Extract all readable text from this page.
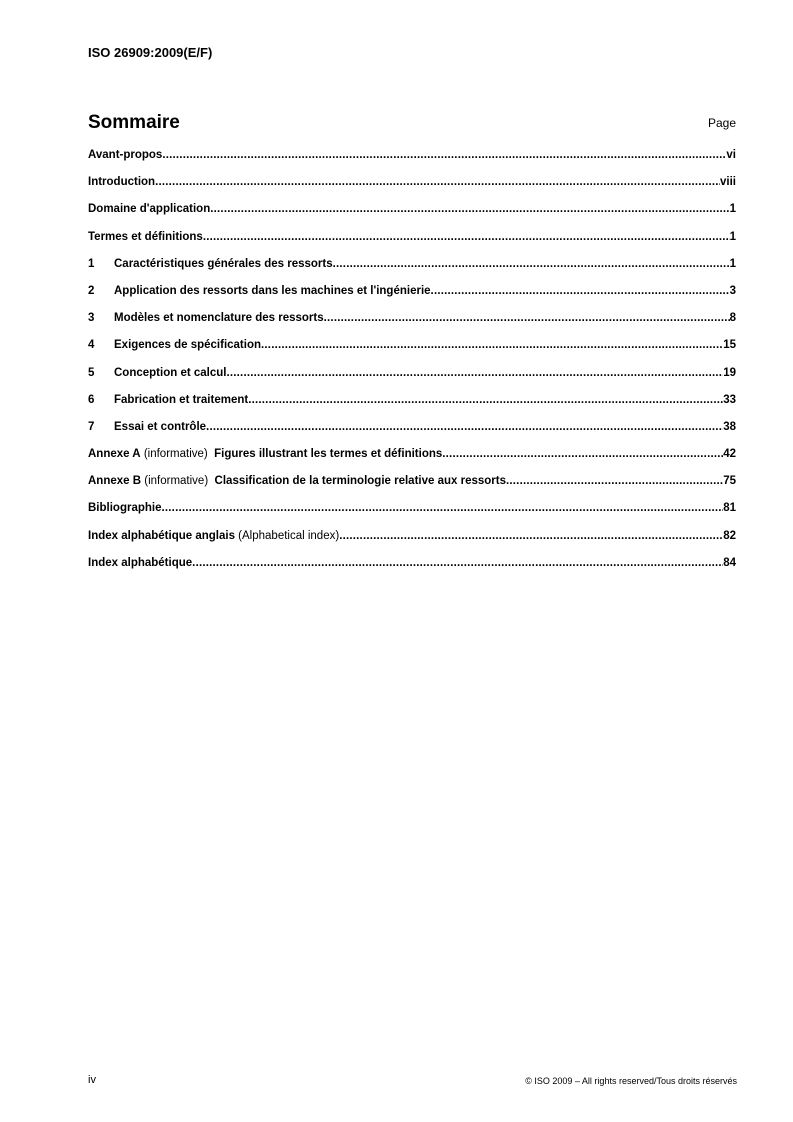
ISO 26909:2009(E/F)
Sommaire	Page
Avant-propos .....	vi
Introduction .....	viii
Domaine d'application .....	1
Termes et définitions .....	1
1	Caractéristiques générales des ressorts .....	1
2	Application des ressorts dans les machines et l'ingénierie .....	3
3	Modèles et nomenclature des ressorts .....	8
4	Exigences de spécification .....	15
5	Conception et calcul .....	19
6	Fabrication et traitement .....	33
7	Essai et contrôle .....	38
Annexe A (informative) Figures illustrant les termes et définitions .....	42
Annexe B (informative) Classification de la terminologie relative aux ressorts .....	75
Bibliographie .....	81
Index alphabétique anglais (Alphabetical index) .....	82
Index alphabétique .....	84
iv	© ISO 2009 – All rights reserved/Tous droits réservés
